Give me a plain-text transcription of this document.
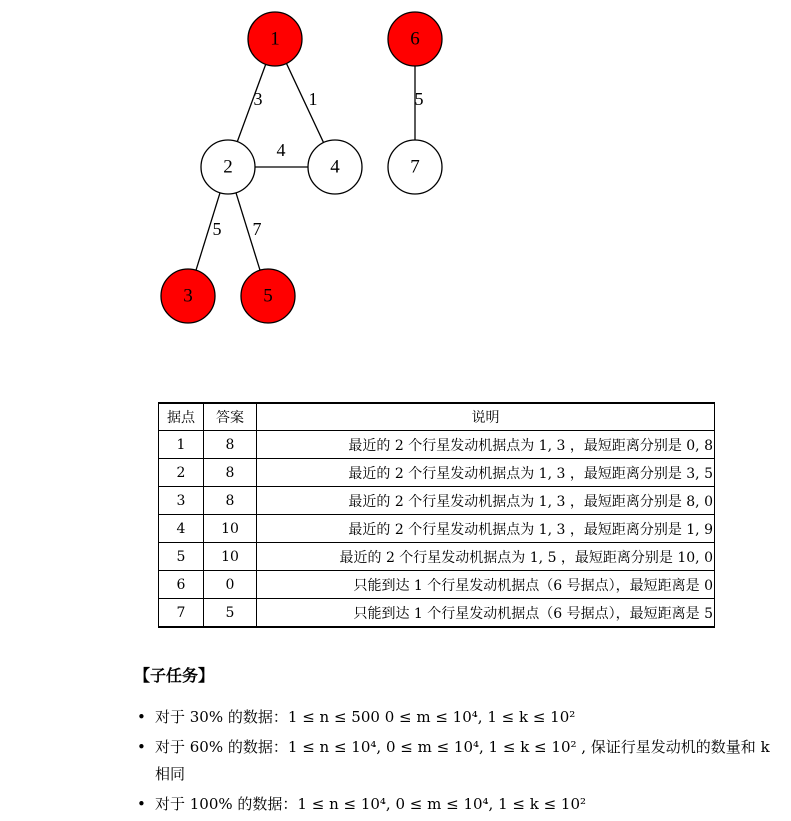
3	1
4
5 7
5
1
2
3
4
5
6
7
据点	答案	说明
1	8	最近的 2 个行星发动机据点为 1, 3 ，最短距离分别是 0, 8
2	8	最近的 2 个行星发动机据点为 1, 3 ，最短距离分别是 3, 5
3	8	最近的 2 个行星发动机据点为 1, 3 ，最短距离分别是 8, 0
4	10	最近的 2 个行星发动机据点为 1, 3 ，最短距离分别是 1, 9
5	10	最近的 2 个行星发动机据点为 1, 5 ，最短距离分别是 10, 0
6	0	只能到达 1 个行星发动机据点（6 号据点），最短距离是 0
7	5	只能到达 1 个行星发动机据点（6 号据点），最短距离是 5
【子任务】
• 对于 30% 的数据：1 ≤ n ≤ 500 0 ≤ m ≤ 10⁴, 1 ≤ k ≤ 10²
• 对于 60% 的数据：1 ≤ n ≤ 10⁴, 0 ≤ m ≤ 10⁴, 1 ≤ k ≤ 10² , 保证行星发动机的数量和 k 相同
• 对于 100% 的数据：1 ≤ n ≤ 10⁴, 0 ≤ m ≤ 10⁴, 1 ≤ k ≤ 10²
